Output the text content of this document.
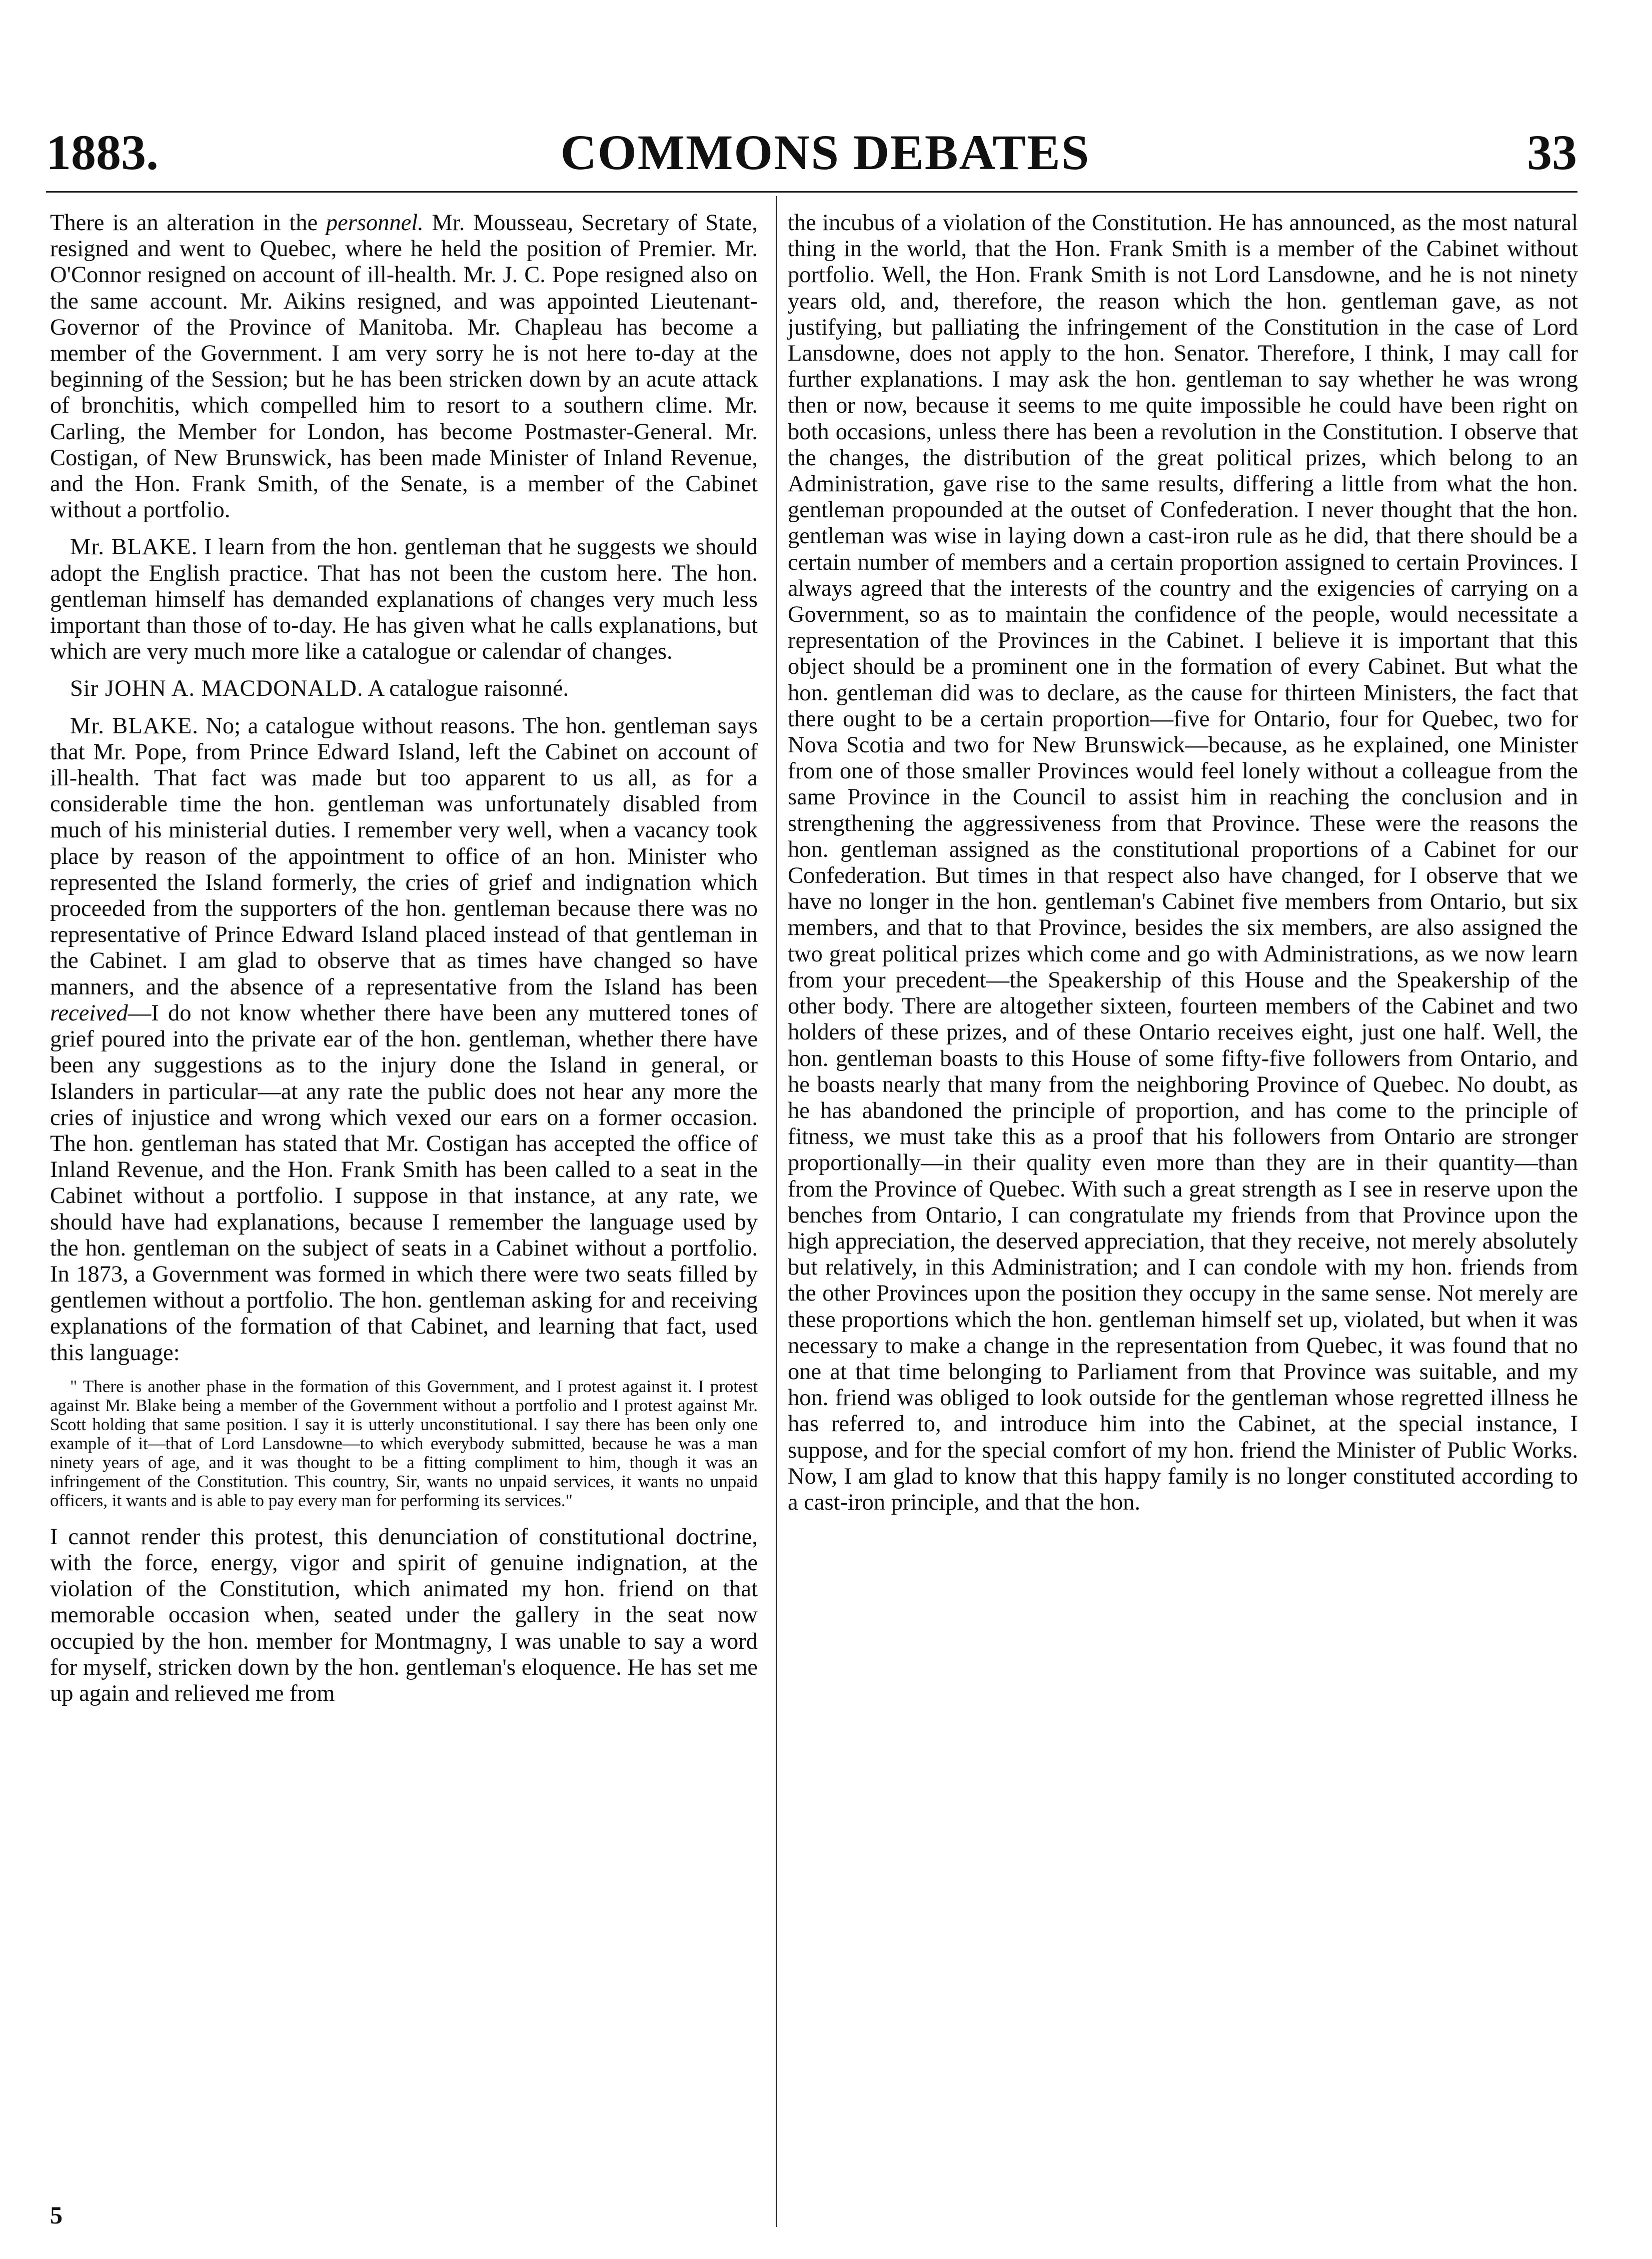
1883.	COMMONS DEBATES	33

There is an alteration in the personnel. Mr. Mousseau, Secretary of State, resigned and went to Quebec, where he held the position of Premier. Mr. O'Connor resigned on account of ill-health. Mr. J. C. Pope resigned also on the same account. Mr. Aikins resigned, and was appointed Lieutenant-Governor of the Province of Manitoba. Mr. Chapleau has become a member of the Government. I am very sorry he is not here to-day at the beginning of the Session; but he has been stricken down by an acute attack of bronchitis, which compelled him to resort to a southern clime. Mr. Carling, the Member for London, has become Postmaster-General. Mr. Costigan, of New Brunswick, has been made Minister of Inland Revenue, and the Hon. Frank Smith, of the Senate, is a member of the Cabinet without a portfolio.

Mr. BLAKE. I learn from the hon. gentleman that he suggests we should adopt the English practice. That has not been the custom here. The hon. gentleman himself has demanded explanations of changes very much less important than those of to-day. He has given what he calls explanations, but which are very much more like a catalogue or calendar of changes.

Sir JOHN A. MACDONALD. A catalogue raisonné.

Mr. BLAKE. No; a catalogue without reasons. The hon. gentleman says that Mr. Pope, from Prince Edward Island, left the Cabinet on account of ill-health. That fact was made but too apparent to us all, as for a considerable time the hon. gentleman was unfortunately disabled from much of his ministerial duties. I remember very well, when a vacancy took place by reason of the appointment to office of an hon. Minister who represented the Island formerly, the cries of grief and indignation which proceeded from the supporters of the hon. gentleman because there was no representative of Prince Edward Island placed instead of that gentleman in the Cabinet. I am glad to observe that as times have changed so have manners, and the absence of a representative from the Island has been received—I do not know whether there have been any muttered tones of grief poured into the private ear of the hon. gentleman, whether there have been any suggestions as to the injury done the Island in general, or Islanders in particular—at any rate the public does not hear any more the cries of injustice and wrong which vexed our ears on a former occasion. The hon. gentleman has stated that Mr. Costigan has accepted the office of Inland Revenue, and the Hon. Frank Smith has been called to a seat in the Cabinet without a portfolio. I suppose in that instance, at any rate, we should have had explanations, because I remember the language used by the hon. gentleman on the subject of seats in a Cabinet without a portfolio. In 1873, a Government was formed in which there were two seats filled by gentlemen without a portfolio. The hon. gentleman asking for and receiving explanations of the formation of that Cabinet, and learning that fact, used this language:

" There is another phase in the formation of this Government, and I protest against it. I protest against Mr. Blake being a member of the Government without a portfolio and I protest against Mr. Scott holding that same position. I say it is utterly unconstitutional. I say there has been only one example of it—that of Lord Lansdowne—to which everybody submitted, because he was a man ninety years of age, and it was thought to be a fitting compliment to him, though it was an infringement of the Constitution. This country, Sir, wants no unpaid services, it wants no unpaid officers, it wants and is able to pay every man for performing its services."

I cannot render this protest, this denunciation of constitutional doctrine, with the force, energy, vigor and spirit of genuine indignation, at the violation of the Constitution, which animated my hon. friend on that memorable occasion when, seated under the gallery in the seat now occupied by the hon. member for Montmagny, I was unable to say a word for myself, stricken down by the hon. gentleman's eloquence. He has set me up again and relieved me from

5

the incubus of a violation of the Constitution. He has announced, as the most natural thing in the world, that the Hon. Frank Smith is a member of the Cabinet without portfolio. Well, the Hon. Frank Smith is not Lord Lansdowne, and he is not ninety years old, and, therefore, the reason which the hon. gentleman gave, as not justifying, but palliating the infringement of the Constitution in the case of Lord Lansdowne, does not apply to the hon. Senator. Therefore, I think, I may call for further explanations. I may ask the hon. gentleman to say whether he was wrong then or now, because it seems to me quite impossible he could have been right on both occasions, unless there has been a revolution in the Constitution. I observe that the changes, the distribution of the great political prizes, which belong to an Administration, gave rise to the same results, differing a little from what the hon. gentleman propounded at the outset of Confederation. I never thought that the hon. gentleman was wise in laying down a cast-iron rule as he did, that there should be a certain number of members and a certain proportion assigned to certain Provinces. I always agreed that the interests of the country and the exigencies of carrying on a Government, so as to maintain the confidence of the people, would necessitate a representation of the Provinces in the Cabinet. I believe it is important that this object should be a prominent one in the formation of every Cabinet. But what the hon. gentleman did was to declare, as the cause for thirteen Ministers, the fact that there ought to be a certain proportion—five for Ontario, four for Quebec, two for Nova Scotia and two for New Brunswick—because, as he explained, one Minister from one of those smaller Provinces would feel lonely without a colleague from the same Province in the Council to assist him in reaching the conclusion and in strengthening the aggressiveness from that Province. These were the reasons the hon. gentleman assigned as the constitutional proportions of a Cabinet for our Confederation. But times in that respect also have changed, for I observe that we have no longer in the hon. gentleman's Cabinet five members from Ontario, but six members, and that to that Province, besides the six members, are also assigned the two great political prizes which come and go with Administrations, as we now learn from your precedent—the Speakership of this House and the Speakership of the other body. There are altogether sixteen, fourteen members of the Cabinet and two holders of these prizes, and of these Ontario receives eight, just one half. Well, the hon. gentleman boasts to this House of some fifty-five followers from Ontario, and he boasts nearly that many from the neighboring Province of Quebec. No doubt, as he has abandoned the principle of proportion, and has come to the principle of fitness, we must take this as a proof that his followers from Ontario are stronger proportionally—in their quality even more than they are in their quantity—than from the Province of Quebec. With such a great strength as I see in reserve upon the benches from Ontario, I can congratulate my friends from that Province upon the high appreciation, the deserved appreciation, that they receive, not merely absolutely but relatively, in this Administration; and I can condole with my hon. friends from the other Provinces upon the position they occupy in the same sense. Not merely are these proportions which the hon. gentleman himself set up, violated, but when it was necessary to make a change in the representation from Quebec, it was found that no one at that time belonging to Parliament from that Province was suitable, and my hon. friend was obliged to look outside for the gentleman whose regretted illness he has referred to, and introduce him into the Cabinet, at the special instance, I suppose, and for the special comfort of my hon. friend the Minister of Public Works. Now, I am glad to know that this happy family is no longer constituted according to a cast-iron principle, and that the hon.
